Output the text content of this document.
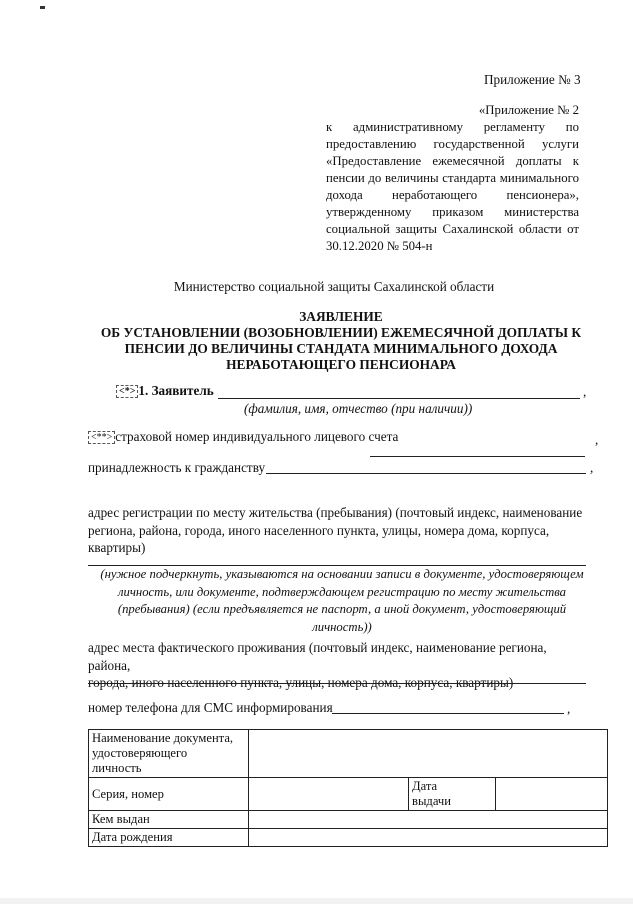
Приложение № 3
«Приложение № 2
к административному регламенту по
предоставлению государственной услуги
«Предоставление ежемесячной доплаты к
пенсии до величины стандарта минимального
дохода неработающего пенсионера»,
утвержденному приказом министерства
социальной защиты Сахалинской области от
30.12.2020 № 504-н
Министерство социальной защиты Сахалинской области
ЗАЯВЛЕНИЕ
ОБ УСТАНОВЛЕНИИ (ВОЗОБНОВЛЕНИИ) ЕЖЕМЕСЯЧНОЙ ДОПЛАТЫ К
ПЕНСИИ ДО ВЕЛИЧИНЫ СТАНДАТА МИНИМАЛЬНОГО ДОХОДА
НЕРАБОТАЮЩЕГО ПЕНСИОНАРА
<*> 1. Заявитель	,
(фамилия, имя, отчество (при наличии))
<**> страховой номер индивидуального лицевого счета	,
принадлежность к гражданству	,
адрес регистрации по месту жительства (пребывания) (почтовый индекс, наименование
региона, района, города, иного населенного пункта, улицы, номера дома, корпуса,
квартиры)
(нужное подчеркнуть, указываются на основании записи в документе, удостоверяющем
личность, или документе, подтверждающем регистрацию по месту жительства
(пребывания) (если предъявляется не паспорт, а иной документ, удостоверяющий
личность))
адрес места фактического проживания (почтовый индекс, наименование региона, района,
города, иного населенного пункта, улицы, номера дома, корпуса, квартиры)
номер телефона для СМС информирования	,
Наименование документа,
удостоверяющего
личность			

Серия, номер		Дата
выдачи	

Кем выдан			
Дата рождения			
